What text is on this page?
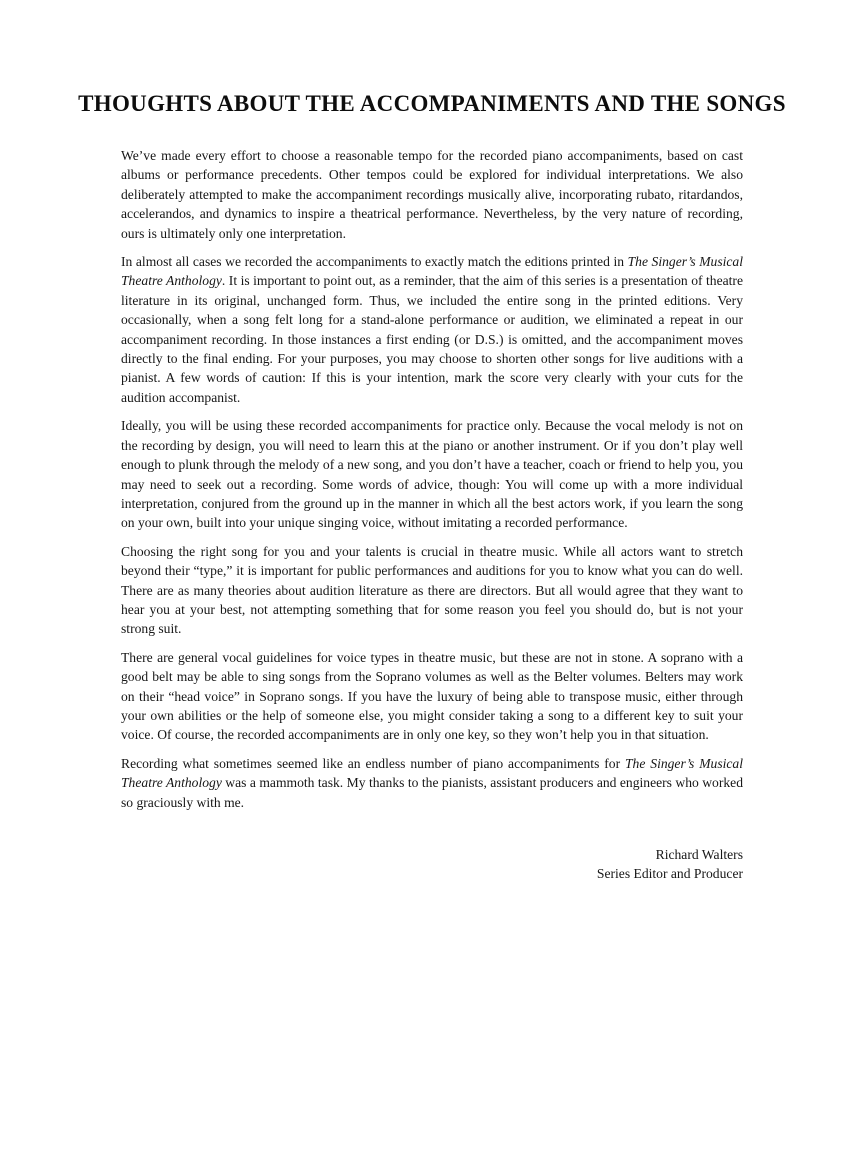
THOUGHTS ABOUT THE ACCOMPANIMENTS AND THE SONGS

We’ve made every effort to choose a reasonable tempo for the recorded piano accompaniments, based on cast albums or performance precedents. Other tempos could be explored for individual interpretations. We also deliberately attempted to make the accompaniment recordings musically alive, incorporating rubato, ritardandos, accelerandos, and dynamics to inspire a theatrical performance. Nevertheless, by the very nature of recording, ours is ultimately only one interpretation.

In almost all cases we recorded the accompaniments to exactly match the editions printed in The Singer’s Musical Theatre Anthology. It is important to point out, as a reminder, that the aim of this series is a presentation of theatre literature in its original, unchanged form. Thus, we included the entire song in the printed editions. Very occasionally, when a song felt long for a stand-alone performance or audition, we eliminated a repeat in our accompaniment recording. In those instances a first ending (or D.S.) is omitted, and the accompaniment moves directly to the final ending. For your purposes, you may choose to shorten other songs for live auditions with a pianist. A few words of caution: If this is your intention, mark the score very clearly with your cuts for the audition accompanist.

Ideally, you will be using these recorded accompaniments for practice only. Because the vocal melody is not on the recording by design, you will need to learn this at the piano or another instrument. Or if you don’t play well enough to plunk through the melody of a new song, and you don’t have a teacher, coach or friend to help you, you may need to seek out a recording. Some words of advice, though: You will come up with a more individual interpretation, conjured from the ground up in the manner in which all the best actors work, if you learn the song on your own, built into your unique singing voice, without imitating a recorded performance.

Choosing the right song for you and your talents is crucial in theatre music. While all actors want to stretch beyond their “type,” it is important for public performances and auditions for you to know what you can do well. There are as many theories about audition literature as there are directors. But all would agree that they want to hear you at your best, not attempting something that for some reason you feel you should do, but is not your strong suit.

There are general vocal guidelines for voice types in theatre music, but these are not in stone. A soprano with a good belt may be able to sing songs from the Soprano volumes as well as the Belter volumes. Belters may work on their “head voice” in Soprano songs. If you have the luxury of being able to transpose music, either through your own abilities or the help of someone else, you might consider taking a song to a different key to suit your voice. Of course, the recorded accompaniments are in only one key, so they won’t help you in that situation.

Recording what sometimes seemed like an endless number of piano accompaniments for The Singer’s Musical Theatre Anthology was a mammoth task. My thanks to the pianists, assistant producers and engineers who worked so graciously with me.

Richard Walters
Series Editor and Producer
